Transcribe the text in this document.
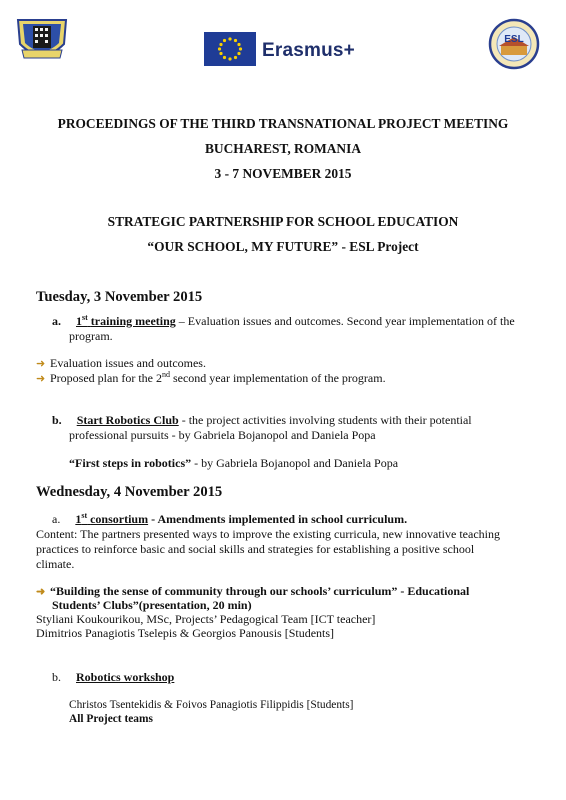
Erasmus+
ESL
PROCEEDINGS OF THE THIRD TRANSNATIONAL PROJECT MEETING
BUCHAREST, ROMANIA
3 - 7 NOVEMBER 2015
STRATEGIC PARTNERSHIP FOR SCHOOL EDUCATION
“OUR SCHOOL, MY FUTURE” - ESL Project
Tuesday, 3 November 2015
a. 1st training meeting – Evaluation issues and outcomes. Second year implementation of the
program.
➜ Evaluation issues and outcomes.
➜ Proposed plan for the 2nd second year implementation of the program.
b. Start Robotics Club - the project activities involving students with their potential
professional pursuits - by Gabriela Bojanopol and Daniela Popa
“First steps in robotics” - by Gabriela Bojanopol and Daniela Popa
Wednesday, 4 November 2015
a. 1st consortium - Amendments implemented in school curriculum.
Content: The partners presented ways to improve the existing curricula, new innovative teaching
practices to reinforce basic and social skills and strategies for establishing a positive school
climate.
➜ “Building the sense of community through our schools’ curriculum” - Educational
Students’ Clubs”(presentation, 20 min)
Styliani Koukourikou, MSc, Projects’ Pedagogical Team [ICT teacher]
Dimitrios Panagiotis Tselepis & Georgios Panousis [Students]
b. Robotics workshop
Christos Tsentekidis & Foivos Panagiotis Filippidis [Students]
All Project teams
